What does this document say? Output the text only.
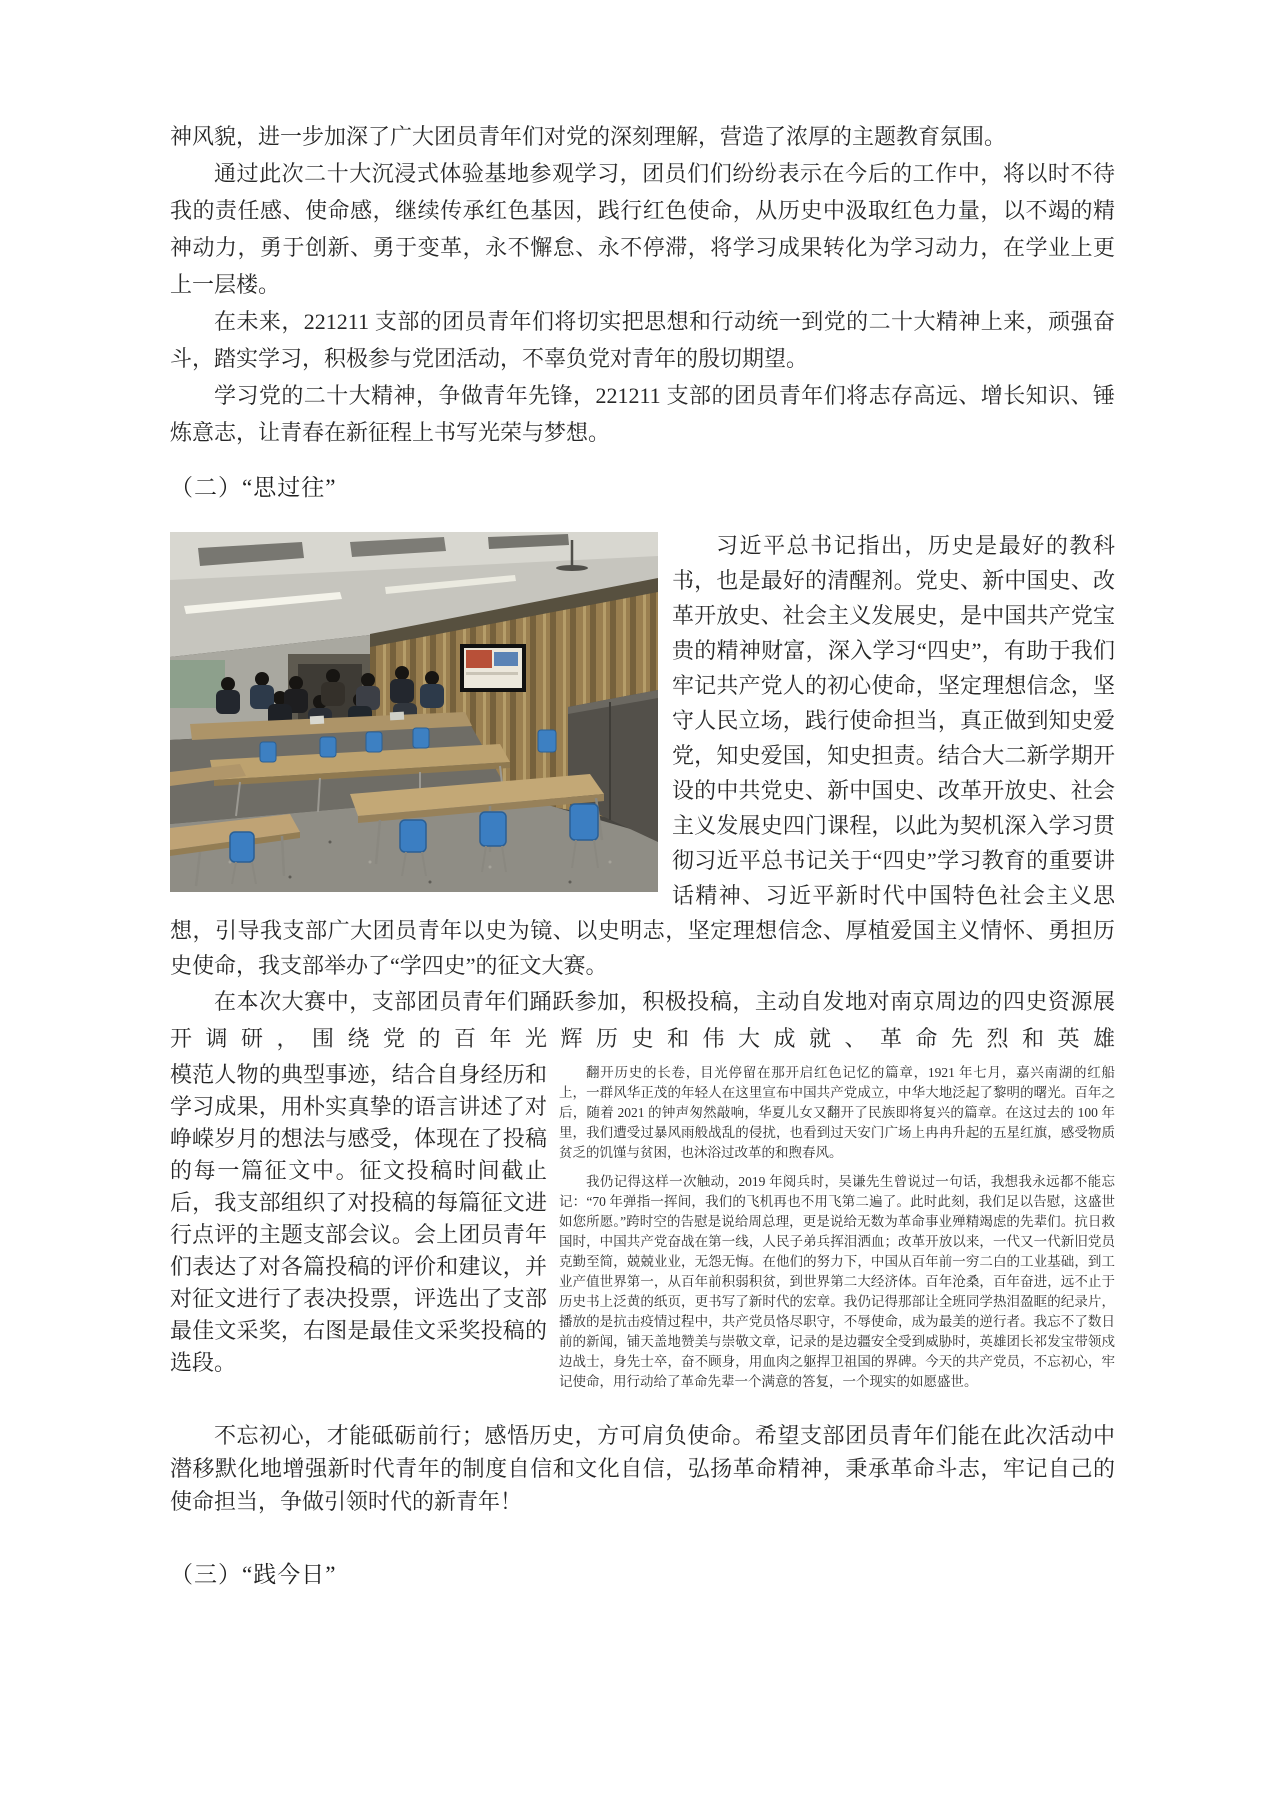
神风貌，进一步加深了广大团员青年们对党的深刻理解，营造了浓厚的主题教育氛围。

通过此次二十大沉浸式体验基地参观学习，团员们们纷纷表示在今后的工作中，将以时不待我的责任感、使命感，继续传承红色基因，践行红色使命，从历史中汲取红色力量，以不竭的精神动力，勇于创新、勇于变革，永不懈怠、永不停滞，将学习成果转化为学习动力，在学业上更上一层楼。

在未来，221211 支部的团员青年们将切实把思想和行动统一到党的二十大精神上来，顽强奋斗，踏实学习，积极参与党团活动，不辜负党对青年的殷切期望。

学习党的二十大精神，争做青年先锋，221211 支部的团员青年们将志存高远、增长知识、锤炼意志，让青春在新征程上书写光荣与梦想。

（二）“思过往”

习近平总书记指出，历史是最好的教科书，也是最好的清醒剂。党史、新中国史、改革开放史、社会主义发展史，是中国共产党宝贵的精神财富，深入学习“四史”，有助于我们牢记共产党人的初心使命，坚定理想信念，坚守人民立场，践行使命担当，真正做到知史爱党，知史爱国，知史担责。结合大二新学期开设的中共党史、新中国史、改革开放史、社会主义发展史四门课程，以此为契机深入学习贯彻习近平总书记关于“四史”学习教育的重要讲话精神、习近平新时代中国特色社会主义思想，引导我支部广大团员青年以史为镜、以史明志，坚定理想信念、厚植爱国主义情怀、勇担历史使命，我支部举办了“学四史”的征文大赛。

在本次大赛中，支部团员青年们踊跃参加，积极投稿，主动自发地对南京周边的四史资源展开调研，围绕党的百年光辉历史和伟大成就、革命先烈和英雄

翻开历史的长卷，目光停留在那开启红色记忆的篇章，1921 年七月，嘉兴南湖的红船上，一群风华正茂的年轻人在这里宣布中国共产党成立，中华大地泛起了黎明的曙光。百年之后，随着 2021 的钟声匆然敲响，华夏儿女又翻开了民族即将复兴的篇章。在这过去的 100 年里，我们遭受过暴风雨般战乱的侵扰，也看到过天安门广场上冉冉升起的五星红旗，感受物质贫乏的饥馑与贫困，也沐浴过改革的和煦春风。

我仍记得这样一次触动，2019 年阅兵时，吴谦先生曾说过一句话，我想我永远都不能忘记：“70 年弹指一挥间，我们的飞机再也不用飞第二遍了。此时此刻，我们足以告慰，这盛世如您所愿。”跨时空的告慰是说给周总理，更是说给无数为革命事业殚精竭虑的先辈们。抗日救国时，中国共产党奋战在第一线，人民子弟兵挥泪洒血；改革开放以来，一代又一代新旧党员克勤至简，兢兢业业，无怨无悔。在他们的努力下，中国从百年前一穷二白的工业基础，到工业产值世界第一，从百年前积弱积贫，到世界第二大经济体。百年沧桑，百年奋进，远不止于历史书上泛黄的纸页，更书写了新时代的宏章。我仍记得那部让全班同学热泪盈眶的纪录片，播放的是抗击疫情过程中，共产党员恪尽职守，不辱使命，成为最美的逆行者。我忘不了数日前的新闻，铺天盖地赞美与崇敬文章，记录的是边疆安全受到威胁时，英雄团长祁发宝带领戍边战士，身先士卒，奋不顾身，用血肉之躯捍卫祖国的界碑。今天的共产党员，不忘初心，牢记使命，用行动给了革命先辈一个满意的答复，一个现实的如愿盛世。

模范人物的典型事迹，结合自身经历和学习成果，用朴实真挚的语言讲述了对峥嵘岁月的想法与感受，体现在了投稿的每一篇征文中。征文投稿时间截止后，我支部组织了对投稿的每篇征文进行点评的主题支部会议。会上团员青年们表达了对各篇投稿的评价和建议，并对征文进行了表决投票，评选出了支部最佳文采奖，右图是最佳文采奖投稿的选段。

不忘初心，才能砥砺前行；感悟历史，方可肩负使命。希望支部团员青年们能在此次活动中潜移默化地增强新时代青年的制度自信和文化自信，弘扬革命精神，秉承革命斗志，牢记自己的使命担当，争做引领时代的新青年！

（三）“践今日”
